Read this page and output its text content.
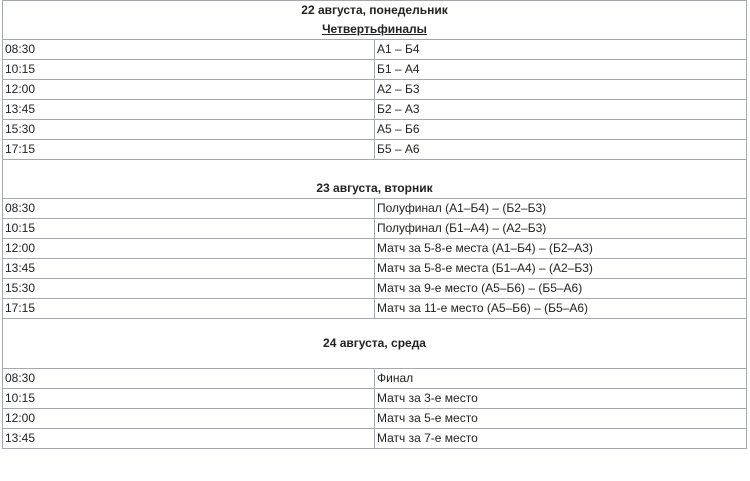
22 августа, понедельник
Четвертьфиналы	

08:30	А1 – Б4
10:15	Б1 – А4
12:00	А2 – Б3
13:45	Б2 – А3
15:30	А5 – Б6
17:15	Б5 – А6

23 августа, вторник	
08:30	Полуфинал (А1–Б4) – (Б2–Б3)
10:15	Полуфинал (Б1–А4) – (А2–Б3)
12:00	Матч за 5-8-е места (А1–Б4) – (Б2–А3)
13:45	Матч за 5-8-е места (Б1–А4) – (А2–Б3)
15:30	Матч за 9-е место (А5–Б6) – (Б5–А6)
17:15	Матч за 11-е место (А5–Б6) – (Б5–А6)

24 августа, среда	

08:30	Финал
10:15	Матч за 3-е место
12:00	Матч за 5-е место
13:45	Матч за 7-е место
